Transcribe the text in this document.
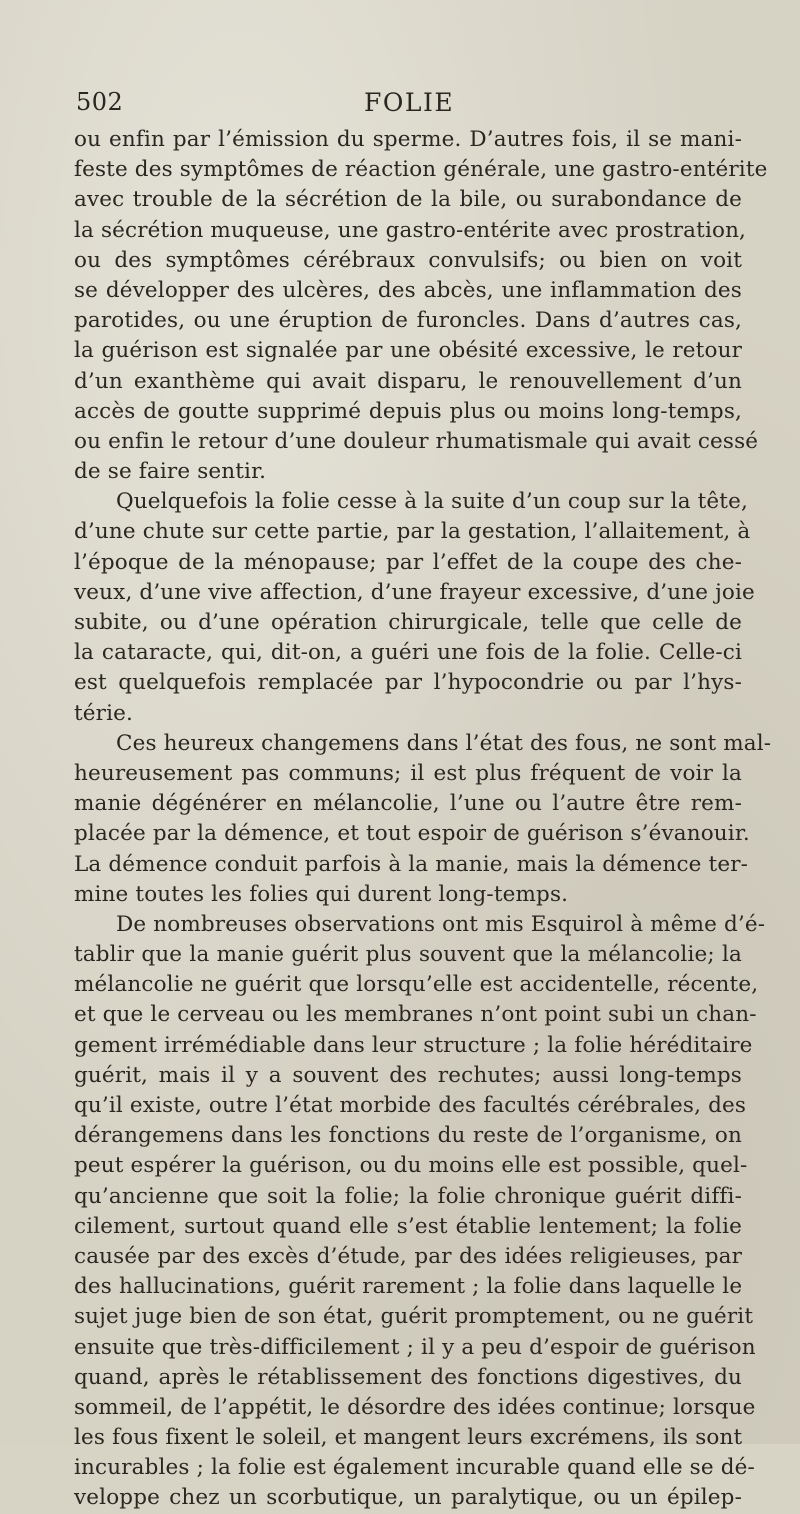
502	FOLIE
ou enfin par l’émission du sperme. D’autres fois, il se mani-
feste des symptômes de réaction générale, une gastro-entérite
avec trouble de la sécrétion de la bile, ou surabondance de
la sécrétion muqueuse, une gastro-entérite avec prostration,
ou des symptômes cérébraux convulsifs; ou bien on voit
se développer des ulcères, des abcès, une inflammation des
parotides, ou une éruption de furoncles. Dans d’autres cas,
la guérison est signalée par une obésité excessive, le retour
d’un exanthème qui avait disparu, le renouvellement d’un
accès de goutte supprimé depuis plus ou moins long-temps,
ou enfin le retour d’une douleur rhumatismale qui avait cessé
de se faire sentir.
Quelquefois la folie cesse à la suite d’un coup sur la tête,
d’une chute sur cette partie, par la gestation, l’allaitement, à
l’époque de la ménopause; par l’effet de la coupe des che-
veux, d’une vive affection, d’une frayeur excessive, d’une joie
subite, ou d’une opération chirurgicale, telle que celle de
la cataracte, qui, dit-on, a guéri une fois de la folie. Celle-ci
est quelquefois remplacée par l’hypocondrie ou par l’hys-
térie.
Ces heureux changemens dans l’état des fous, ne sont mal-
heureusement pas communs; il est plus fréquent de voir la
manie dégénérer en mélancolie, l’une ou l’autre être rem-
placée par la démence, et tout espoir de guérison s’évanouir.
La démence conduit parfois à la manie, mais la démence ter-
mine toutes les folies qui durent long-temps.
De nombreuses observations ont mis Esquirol à même d’é-
tablir que la manie guérit plus souvent que la mélancolie; la
mélancolie ne guérit que lorsqu’elle est accidentelle, récente,
et que le cerveau ou les membranes n’ont point subi un chan-
gement irrémédiable dans leur structure ; la folie héréditaire
guérit, mais il y a souvent des rechutes; aussi long-temps
qu’il existe, outre l’état morbide des facultés cérébrales, des
dérangemens dans les fonctions du reste de l’organisme, on
peut espérer la guérison, ou du moins elle est possible, quel-
qu’ancienne que soit la folie; la folie chronique guérit diffi-
cilement, surtout quand elle s’est établie lentement; la folie
causée par des excès d’étude, par des idées religieuses, par
des hallucinations, guérit rarement ; la folie dans laquelle le
sujet juge bien de son état, guérit promptement, ou ne guérit
ensuite que très-difficilement ; il y a peu d’espoir de guérison
quand, après le rétablissement des fonctions digestives, du
sommeil, de l’appétit, le désordre des idées continue; lorsque
les fous fixent le soleil, et mangent leurs excrémens, ils sont
incurables ; la folie est également incurable quand elle se dé-
veloppe chez un scorbutique, un paralytique, ou un épilep-
